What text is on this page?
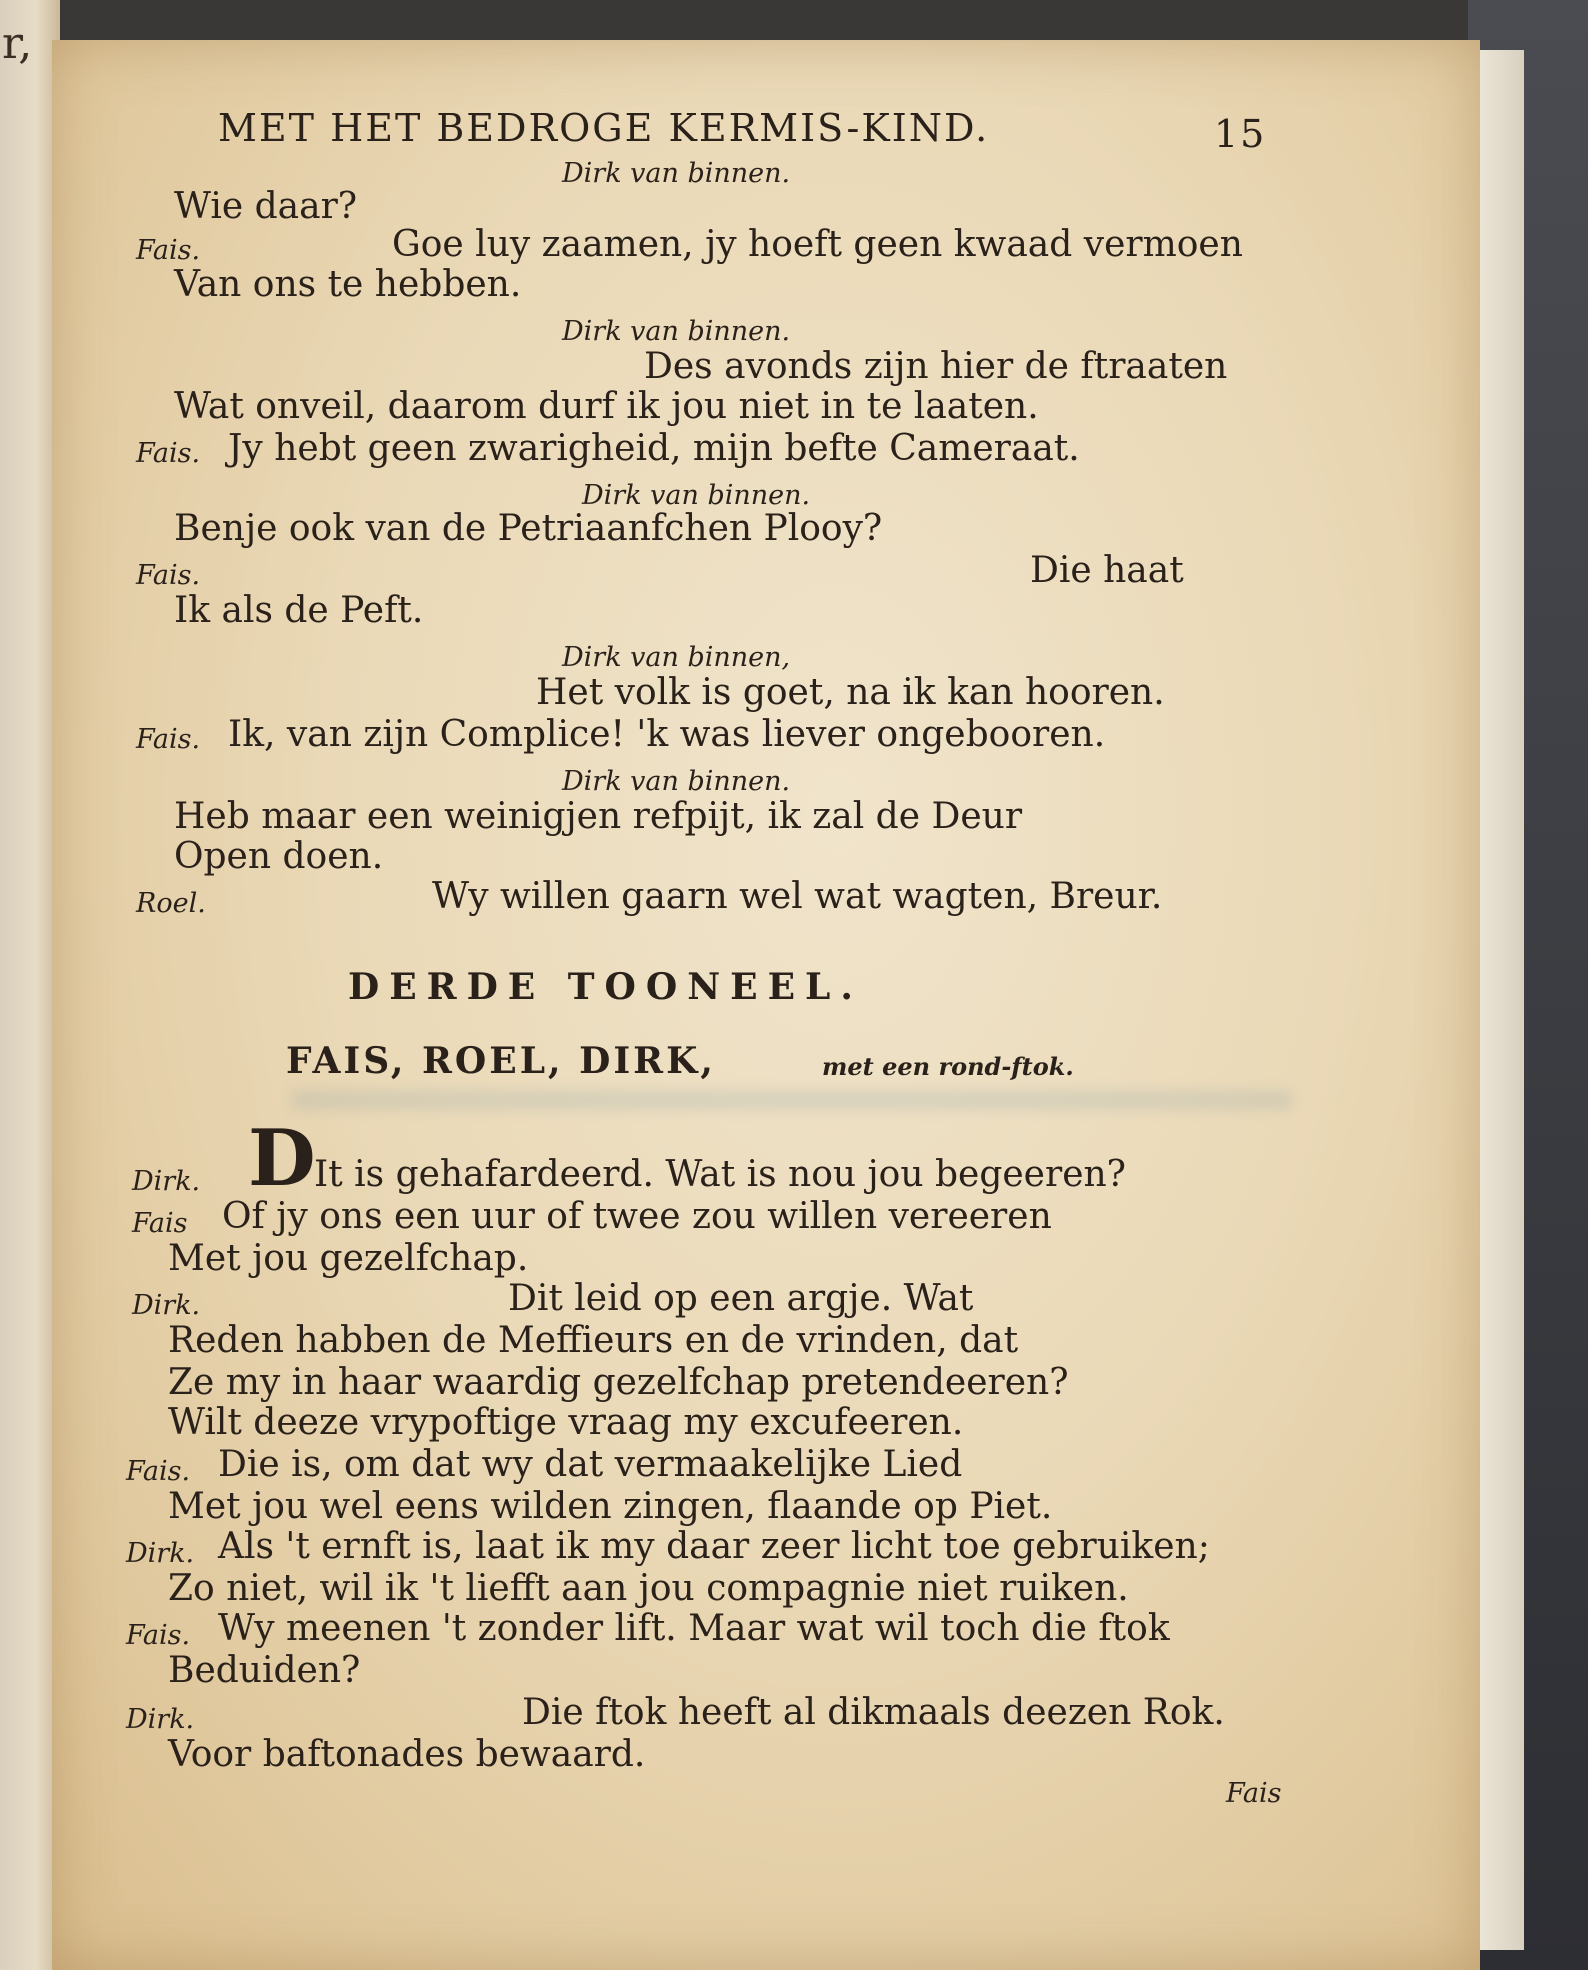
r,
MET HET BEDROGE KERMIS-KIND.	15
Dirk van binnen.
Wie daar?
Fais.	Goe luy zaamen, jy hoeft geen kwaad vermoen
Van ons te hebben.
Dirk van binnen.
Des avonds zijn hier de ftraaten
Wat onveil, daarom durf ik jou niet in te laaten.
Fais. Jy hebt geen zwarigheid, mijn befte Cameraat.
Dirk van binnen.
Benje ook van de Petriaanfchen Plooy?
Fais.	Die haat
Ik als de Peft.
Dirk van binnen,
Het volk is goet, na ik kan hooren.
Fais. Ik, van zijn Complice! 'k was liever ongebooren.
Dirk van binnen.
Heb maar een weinigjen refpijt, ik zal de Deur
Open doen.
Roel.	Wy willen gaarn wel wat wagten, Breur.
DERDE TOONEEL.
FAIS, ROEL, DIRK,	met een rond-ftok.
Dirk. D
It is gehafardeerd. Wat is nou jou begeeren?
Fais Of jy ons een uur of twee zou willen vereeren
Met jou gezelfchap.
Dirk.	Dit leid op een argje. Wat
Reden habben de Meffieurs en de vrinden, dat
Ze my in haar waardig gezelfchap pretendeeren?
Wilt deeze vrypoftige vraag my excufeeren.
Fais. Die is, om dat wy dat vermaakelijke Lied
Met jou wel eens wilden zingen, flaande op Piet.
Dirk. Als 't ernft is, laat ik my daar zeer licht toe gebruiken;
Zo niet, wil ik 't liefft aan jou compagnie niet ruiken.
Fais. Wy meenen 't zonder lift. Maar wat wil toch die ftok
Beduiden?
Dirk.	Die ftok heeft al dikmaals deezen Rok.
Voor baftonades bewaard.
Fais
